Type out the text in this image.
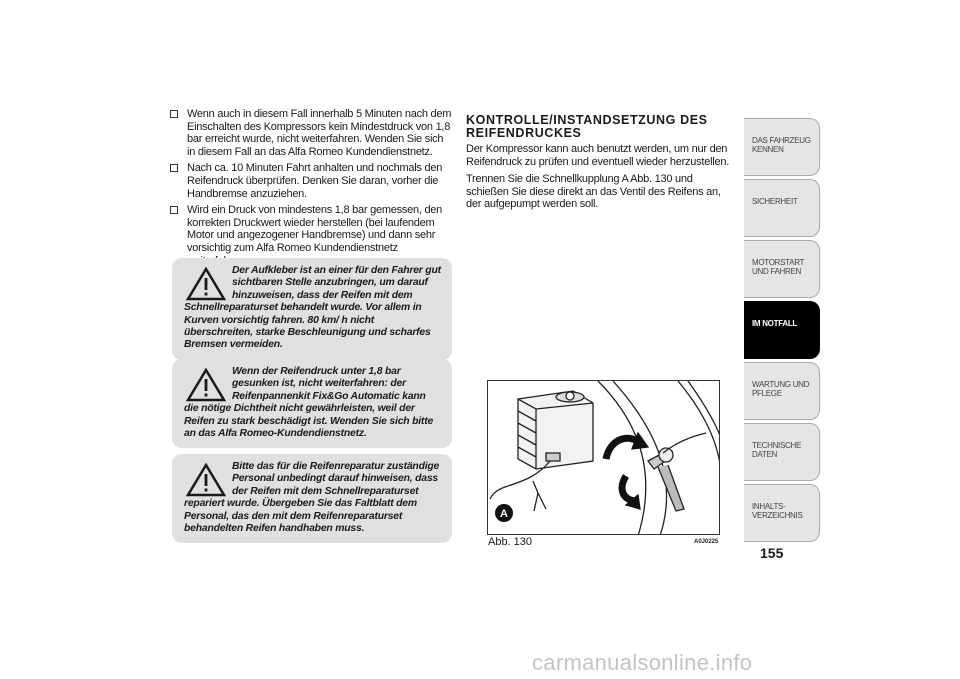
Wenn auch in diesem Fall innerhalb 5 Minuten nach dem Einschalten des Kompressors kein Mindestdruck von 1,8 bar erreicht wurde, nicht weiterfahren. Wenden Sie sich in diesem Fall an das Alfa Romeo Kundendienstnetz.

Nach ca. 10 Minuten Fahrt anhalten und nochmals den Reifendruck überprüfen. Denken Sie daran, vorher die Handbremse anzuziehen.

Wird ein Druck von mindestens 1,8 bar gemessen, den korrekten Druckwert wieder herstellen (bei laufendem Motor und angezogener Handbremse) und dann sehr vorsichtig zum Alfa Romeo Kundendienstnetz

Der Aufkleber ist an einer für den Fahrer gut sichtbaren Stelle anzubringen, um darauf hinzuweisen, dass der Reifen mit dem Schnellreparaturset behandelt wurde. Vor allem in Kurven vorsichtig fahren. 80 km/ h nicht überschreiten, starke Beschleunigung und scharfes Bremsen vermeiden.

Wenn der Reifendruck unter 1,8 bar gesunken ist, nicht weiterfahren: der Reifenpannenkit Fix&Go Automatic kann die nötige Dichtheit nicht gewährleisten, weil der Reifen zu stark beschädigt ist. Wenden Sie sich bitte an das Alfa Romeo-Kundendienstnetz.

Bitte das für die Reifenreparatur zuständige Personal unbedingt darauf hinweisen, dass der Reifen mit dem Schnellreparaturset repariert wurde. Übergeben Sie das Faltblatt dem Personal, das den mit dem Reifenreparaturset behandelten Reifen handhaben muss.

KONTROLLE/INSTANDSETZUNG DES REIFENDRUCKES

Der Kompressor kann auch benutzt werden, um nur den Reifendruck zu prüfen und eventuell wieder herzustellen.

Trennen Sie die Schnellkupplung A Abb. 130 und schießen Sie diese direkt an das Ventil des Reifens an, der aufgepumpt werden soll.

A
Abb. 130	A0J0225
DAS FAHRZEUG KENNEN
SICHERHEIT
MOTORSTART UND FAHREN
IM NOTFALL
WARTUNG UND PFLEGE
TECHNISCHE DATEN
INHALTS-VERZEICHNIS
155
carmanualsonline.info
